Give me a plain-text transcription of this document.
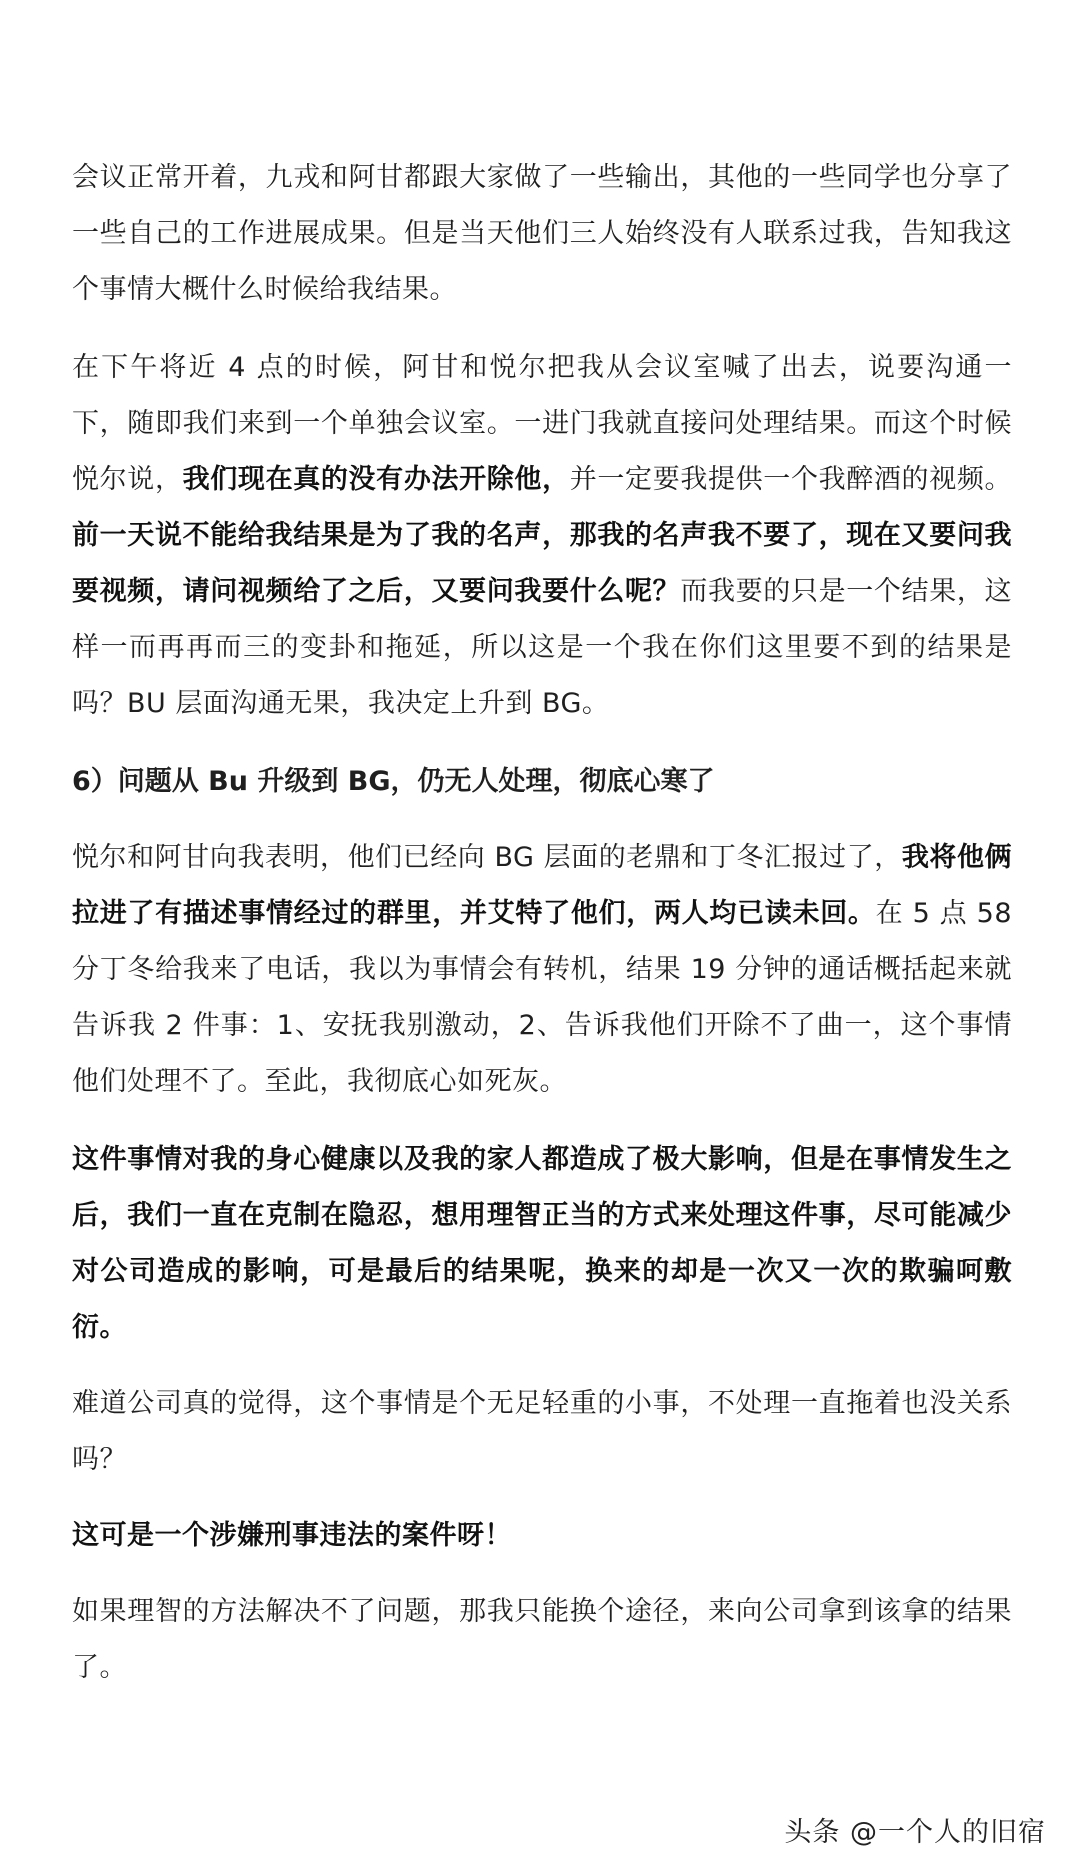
会议正常开着，九戎和阿甘都跟大家做了一些输出，其他的一些同学也分享了一些自己的工作进展成果。但是当天他们三人始终没有人联系过我，告知我这个事情大概什么时候给我结果。

在下午将近 4 点的时候，阿甘和悦尔把我从会议室喊了出去，说要沟通一下，随即我们来到一个单独会议室。一进门我就直接问处理结果。而这个时候悦尔说，我们现在真的没有办法开除他，并一定要我提供一个我醉酒的视频。前一天说不能给我结果是为了我的名声，那我的名声我不要了，现在又要问我要视频，请问视频给了之后，又要问我要什么呢？而我要的只是一个结果，这样一而再再而三的变卦和拖延，所以这是一个我在你们这里要不到的结果是吗？BU 层面沟通无果，我决定上升到 BG。

6）问题从 Bu 升级到 BG，仍无人处理，彻底心寒了

悦尔和阿甘向我表明，他们已经向 BG 层面的老鼎和丁冬汇报过了，我将他俩拉进了有描述事情经过的群里，并艾特了他们，两人均已读未回。在 5 点 58 分丁冬给我来了电话，我以为事情会有转机，结果 19 分钟的通话概括起来就告诉我 2 件事：1、安抚我别激动，2、告诉我他们开除不了曲一，这个事情他们处理不了。至此，我彻底心如死灰。

这件事情对我的身心健康以及我的家人都造成了极大影响，但是在事情发生之后，我们一直在克制在隐忍，想用理智正当的方式来处理这件事，尽可能减少对公司造成的影响，可是最后的结果呢，换来的却是一次又一次的欺骗呵敷衍。

难道公司真的觉得，这个事情是个无足轻重的小事，不处理一直拖着也没关系吗？

这可是一个涉嫌刑事违法的案件呀！

如果理智的方法解决不了问题，那我只能换个途径，来向公司拿到该拿的结果了。

头条 @一个人的旧宿
